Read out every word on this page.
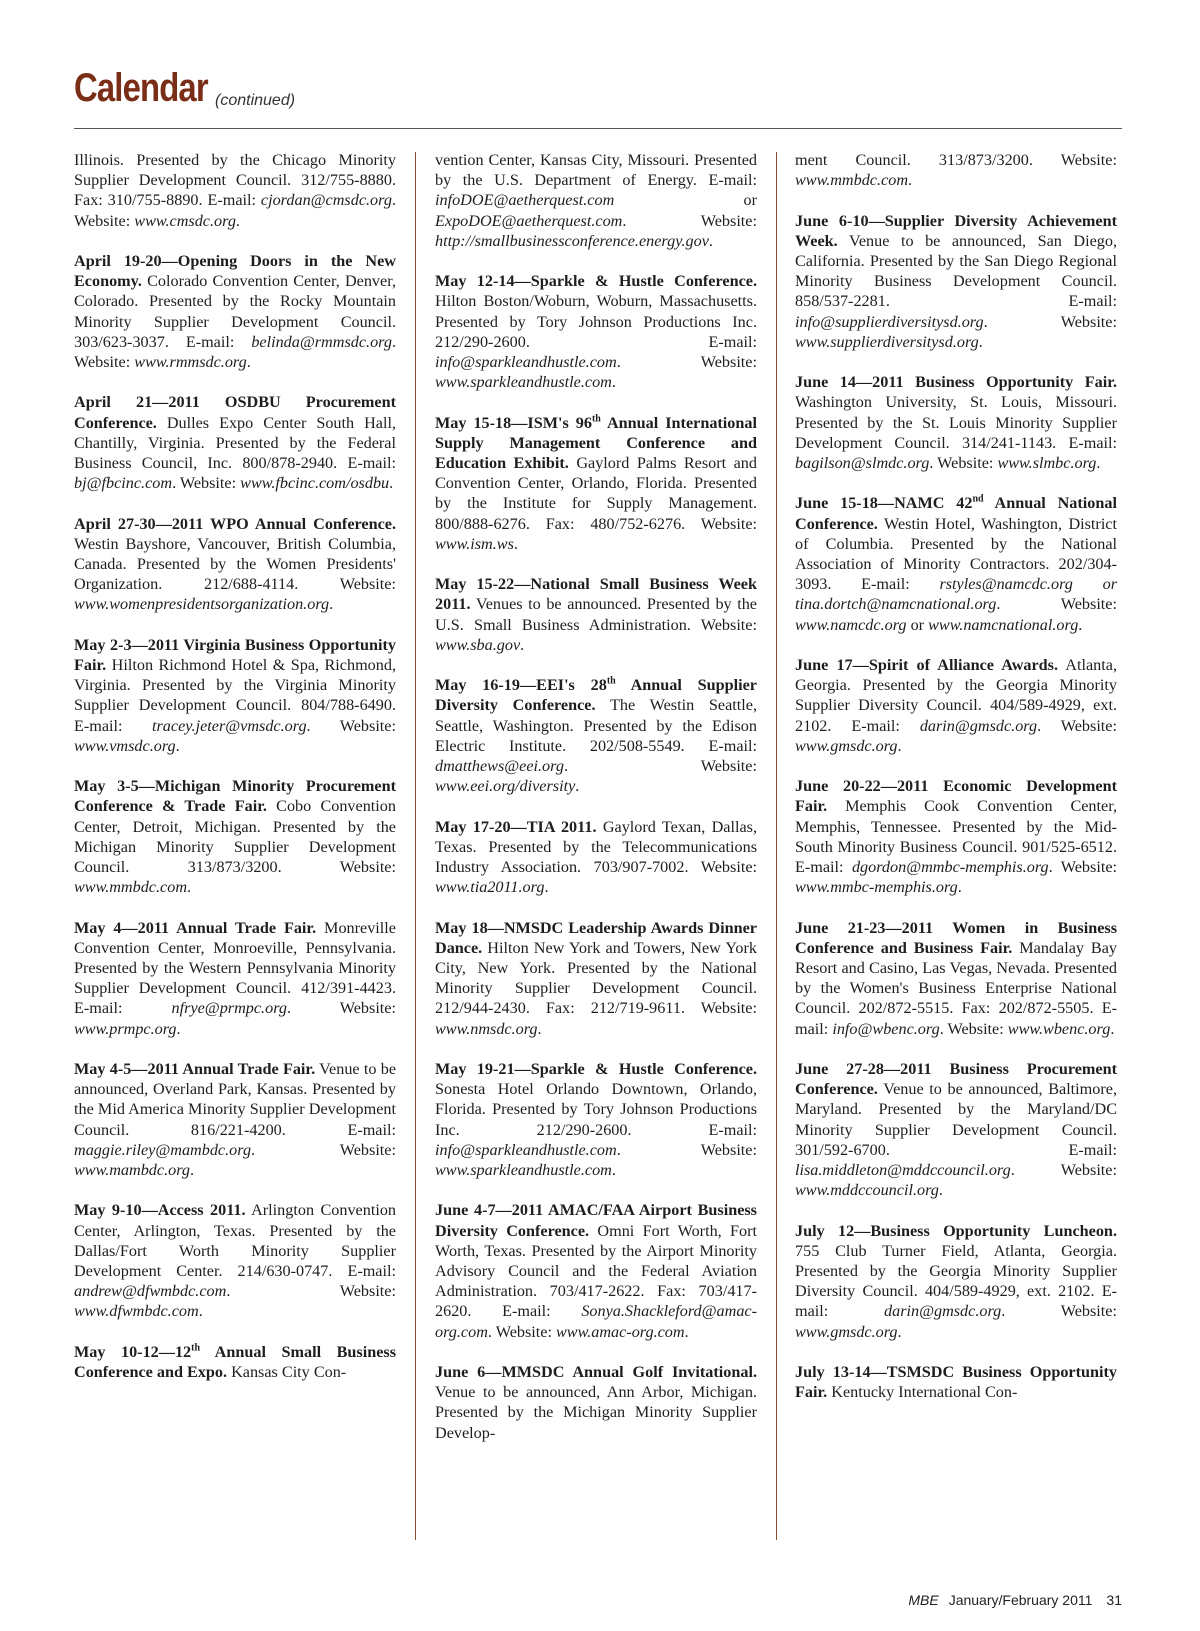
Calendar (continued)

Illinois. Presented by the Chicago Minority Supplier Development Council. 312/755-8880. Fax: 310/755-8890. E-mail: cjordan@cmsdc.org. Website: www.cmsdc.org.

April 19-20—Opening Doors in the New Economy. Colorado Convention Center, Denver, Colorado. Presented by the Rocky Mountain Minority Supplier Development Council. 303/623-3037. E-mail: belinda@rmmsdc.org. Website: www.rmmsdc.org.

April 21—2011 OSDBU Procurement Conference. Dulles Expo Center South Hall, Chantilly, Virginia. Presented by the Federal Business Council, Inc. 800/878-2940. E-mail: bj@fbcinc.com. Website: www.fbcinc.com/osdbu.

April 27-30—2011 WPO Annual Conference. Westin Bayshore, Vancouver, British Columbia, Canada. Presented by the Women Presidents' Organization. 212/688-4114. Website: www.womenpresidentsorganization.org.

May 2-3—2011 Virginia Business Opportunity Fair. Hilton Richmond Hotel & Spa, Richmond, Virginia. Presented by the Virginia Minority Supplier Development Council. 804/788-6490. E-mail: tracey.jeter@vmsdc.org. Website: www.vmsdc.org.

May 3-5—Michigan Minority Procurement Conference & Trade Fair. Cobo Convention Center, Detroit, Michigan. Presented by the Michigan Minority Supplier Development Council. 313/873/3200. Website: www.mmbdc.com.

May 4—2011 Annual Trade Fair. Monreville Convention Center, Monroeville, Pennsylvania. Presented by the Western Pennsylvania Minority Supplier Development Council. 412/391-4423. E-mail: nfrye@prmpc.org. Website: www.prmpc.org.

May 4-5—2011 Annual Trade Fair. Venue to be announced, Overland Park, Kansas. Presented by the Mid America Minority Supplier Development Council. 816/221-4200. E-mail: maggie.riley@mambdc.org. Website: www.mambdc.org.

May 9-10—Access 2011. Arlington Convention Center, Arlington, Texas. Presented by the Dallas/Fort Worth Minority Supplier Development Center. 214/630-0747. E-mail: andrew@dfwmbdc.com. Website: www.dfwmbdc.com.

May 10-12—12th Annual Small Business Conference and Expo. Kansas City Con-

vention Center, Kansas City, Missouri. Presented by the U.S. Department of Energy. E-mail: infoDOE@aetherquest.com or ExpoDOE@aetherquest.com. Website: http://smallbusinessconference.energy.gov.

May 12-14—Sparkle & Hustle Conference. Hilton Boston/Woburn, Woburn, Massachusetts. Presented by Tory Johnson Productions Inc. 212/290-2600. E-mail: info@sparkleandhustle.com. Website: www.sparkleandhustle.com.

May 15-18—ISM's 96th Annual International Supply Management Conference and Education Exhibit. Gaylord Palms Resort and Convention Center, Orlando, Florida. Presented by the Institute for Supply Management. 800/888-6276. Fax: 480/752-6276. Website: www.ism.ws.

May 15-22—National Small Business Week 2011. Venues to be announced. Presented by the U.S. Small Business Administration. Website: www.sba.gov.

May 16-19—EEI's 28th Annual Supplier Diversity Conference. The Westin Seattle, Seattle, Washington. Presented by the Edison Electric Institute. 202/508-5549. E-mail: dmatthews@eei.org. Website: www.eei.org/diversity.

May 17-20—TIA 2011. Gaylord Texan, Dallas, Texas. Presented by the Telecommunications Industry Association. 703/907-7002. Website: www.tia2011.org.

May 18—NMSDC Leadership Awards Dinner Dance. Hilton New York and Towers, New York City, New York. Presented by the National Minority Supplier Development Council. 212/944-2430. Fax: 212/719-9611. Website: www.nmsdc.org.

May 19-21—Sparkle & Hustle Conference. Sonesta Hotel Orlando Downtown, Orlando, Florida. Presented by Tory Johnson Productions Inc. 212/290-2600. E-mail: info@sparkleandhustle.com. Website: www.sparkleandhustle.com.

June 4-7—2011 AMAC/FAA Airport Business Diversity Conference. Omni Fort Worth, Fort Worth, Texas. Presented by the Airport Minority Advisory Council and the Federal Aviation Administration. 703/417-2622. Fax: 703/417-2620. E-mail: Sonya.Shackleford@amac-org.com. Website: www.amac-org.com.

June 6—MMSDC Annual Golf Invitational. Venue to be announced, Ann Arbor, Michigan. Presented by the Michigan Minority Supplier Develop-

ment Council. 313/873/3200. Website: www.mmbdc.com.

June 6-10—Supplier Diversity Achievement Week. Venue to be announced, San Diego, California. Presented by the San Diego Regional Minority Business Development Council. 858/537-2281. E-mail: info@supplierdiversitysd.org. Website: www.supplierdiversitysd.org.

June 14—2011 Business Opportunity Fair. Washington University, St. Louis, Missouri. Presented by the St. Louis Minority Supplier Development Council. 314/241-1143. E-mail: bagilson@slmdc.org. Website: www.slmbc.org.

June 15-18—NAMC 42nd Annual National Conference. Westin Hotel, Washington, District of Columbia. Presented by the National Association of Minority Contractors. 202/304-3093. E-mail: rstyles@namcdc.org or tina.dortch@namcnational.org. Website: www.namcdc.org or www.namcnational.org.

June 17—Spirit of Alliance Awards. Atlanta, Georgia. Presented by the Georgia Minority Supplier Diversity Council. 404/589-4929, ext. 2102. E-mail: darin@gmsdc.org. Website: www.gmsdc.org.

June 20-22—2011 Economic Development Fair. Memphis Cook Convention Center, Memphis, Tennessee. Presented by the Mid-South Minority Business Council. 901/525-6512. E-mail: dgordon@mmbc-memphis.org. Website: www.mmbc-memphis.org.

June 21-23—2011 Women in Business Conference and Business Fair. Mandalay Bay Resort and Casino, Las Vegas, Nevada. Presented by the Women's Business Enterprise National Council. 202/872-5515. Fax: 202/872-5505. E-mail: info@wbenc.org. Website: www.wbenc.org.

June 27-28—2011 Business Procurement Conference. Venue to be announced, Baltimore, Maryland. Presented by the Maryland/DC Minority Supplier Development Council. 301/592-6700. E-mail: lisa.middleton@mddccouncil.org. Website: www.mddccouncil.org.

July 12—Business Opportunity Luncheon. 755 Club Turner Field, Atlanta, Georgia. Presented by the Georgia Minority Supplier Diversity Council. 404/589-4929, ext. 2102. E-mail: darin@gmsdc.org. Website: www.gmsdc.org.

July 13-14—TSMSDC Business Opportunity Fair. Kentucky International Con-

MBE January/February 2011 31
